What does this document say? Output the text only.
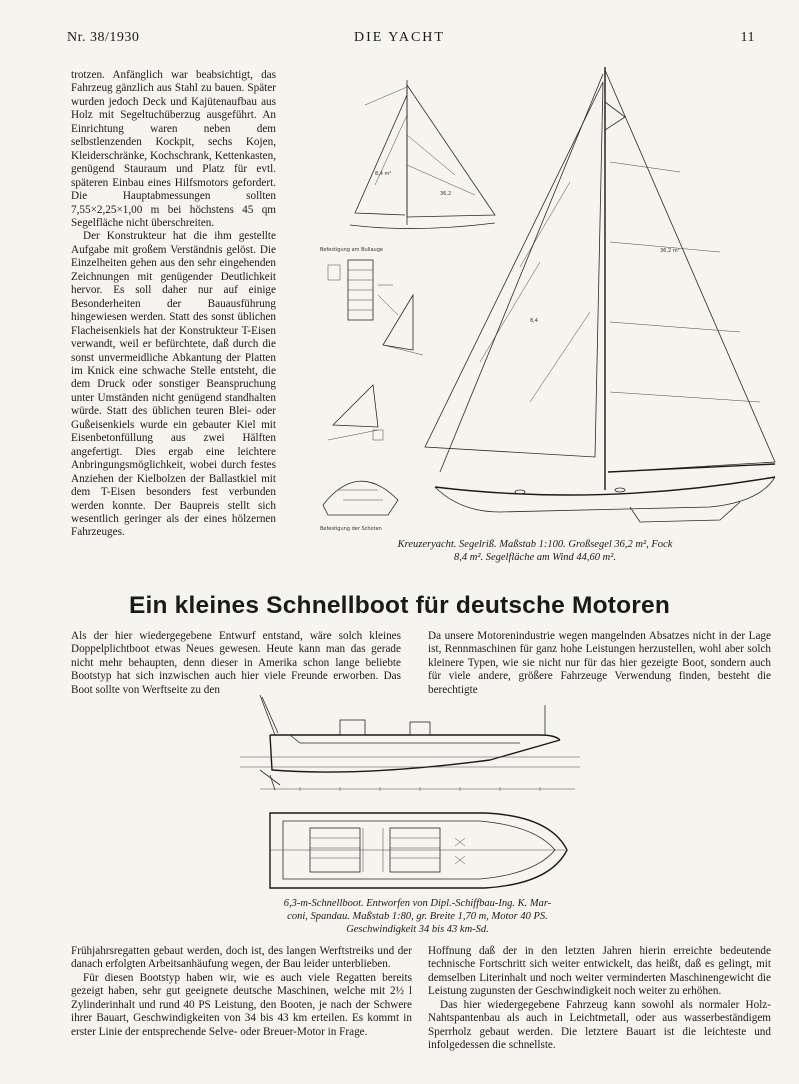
Nr. 38/1930	DIE YACHT	11

trotzen. Anfänglich war beabsichtigt, das Fahrzeug gänzlich aus Stahl zu bauen. Später wurden jedoch Deck und Kajütenaufbau aus Holz mit Segeltuchüberzug ausgeführt. An Einrichtung waren neben dem selbstlenzenden Kockpit, sechs Kojen, Kleiderschränke, Kochschrank, Kettenkasten, genügend Stauraum und Platz für evtl. späteren Einbau eines Hilfsmotors gefordert. Die Hauptabmessungen sollten 7,55×2,25×1,00 m bei höchstens 45 qm Segelfläche nicht überschreiten.

Der Konstrukteur hat die ihm gestellte Aufgabe mit großem Verständnis gelöst. Die Einzelheiten gehen aus den sehr eingehenden Zeichnungen mit genügender Deutlichkeit hervor. Es soll daher nur auf einige Besonderheiten der Bauausführung hingewiesen werden. Statt des sonst üblichen Flacheisenkiels hat der Konstrukteur T-Eisen verwandt, weil er befürchtete, daß durch die sonst unvermeidliche Abkantung der Platten im Knick eine schwache Stelle entsteht, die dem Druck oder sonstiger Beanspruchung unter Umständen nicht genügend standhalten würde. Statt des üblichen teuren Blei- oder Gußeisenkiels wurde ein gebauter Kiel mit Eisenbetonfüllung aus zwei Hälften angefertigt. Dies ergab eine leichtere Anbringungsmöglichkeit, wobei durch festes Anziehen der Kielbolzen der Ballastkiel mit dem T-Eisen besonders fest verbunden werden konnte. Der Baupreis stellt sich wesentlich geringer als der eines hölzernen Fahrzeuges.

8,4 m²
36,2
Befestigung am Bullauge
Befestigung der Schoten
36,2 m²
8,4
Kreuzeryacht. Segelriß. Maßstab 1:100. Großsegel 36,2 m², Fock
8,4 m². Segelfläche am Wind 44,60 m².
Ein kleines Schnellboot für deutsche Motoren
Als der hier wiedergegebene Entwurf entstand, wäre solch kleines Doppelplichtboot etwas Neues gewesen. Heute kann man das gerade nicht mehr behaupten, denn dieser in Amerika schon lange beliebte Bootstyp hat sich inzwischen auch hier viele Freunde erworben. Das Boot sollte von Werftseite zu den
Da unsere Motorenindustrie wegen mangelnden Absatzes nicht in der Lage ist, Rennmaschinen für ganz hohe Leistungen herzustellen, wohl aber solch kleinere Typen, wie sie nicht nur für das hier gezeigte Boot, sondern auch für viele andere, größere Fahrzeuge Verwendung finden, besteht die berechtigte
6,3-m-Schnellboot. Entworfen von Dipl.-Schiffbau-Ing. K. Mar-
coni, Spandau. Maßstab 1:80, gr. Breite 1,70 m, Motor 40 PS.
Geschwindigkeit 34 bis 43 km-Sd.

Frühjahrsregatten gebaut werden, doch ist, des langen Werftstreiks und der danach erfolgten Arbeitsanhäufung wegen, der Bau leider unterblieben.

Für diesen Bootstyp haben wir, wie es auch viele Regatten bereits gezeigt haben, sehr gut geeignete deutsche Maschinen, welche mit 2½ l Zylinderinhalt und rund 40 PS Leistung, den Booten, je nach der Schwere ihrer Bauart, Geschwindigkeiten von 34 bis 43 km erteilen. Es kommt in erster Linie der entsprechende Selve- oder Breuer-Motor in Frage.

Hoffnung daß der in den letzten Jahren hierin erreichte bedeutende technische Fortschritt sich weiter entwickelt, das heißt, daß es gelingt, mit demselben Literinhalt und noch weiter verminderten Maschinengewicht die Leistung zugunsten der Geschwindigkeit noch weiter zu erhöhen.

Das hier wiedergegebene Fahrzeug kann sowohl als normaler Holz-Nahtspantenbau als auch in Leichtmetall, oder aus wasserbeständigem Sperrholz gebaut werden. Die letztere Bauart ist die leichteste und infolgedessen die schnellste.
